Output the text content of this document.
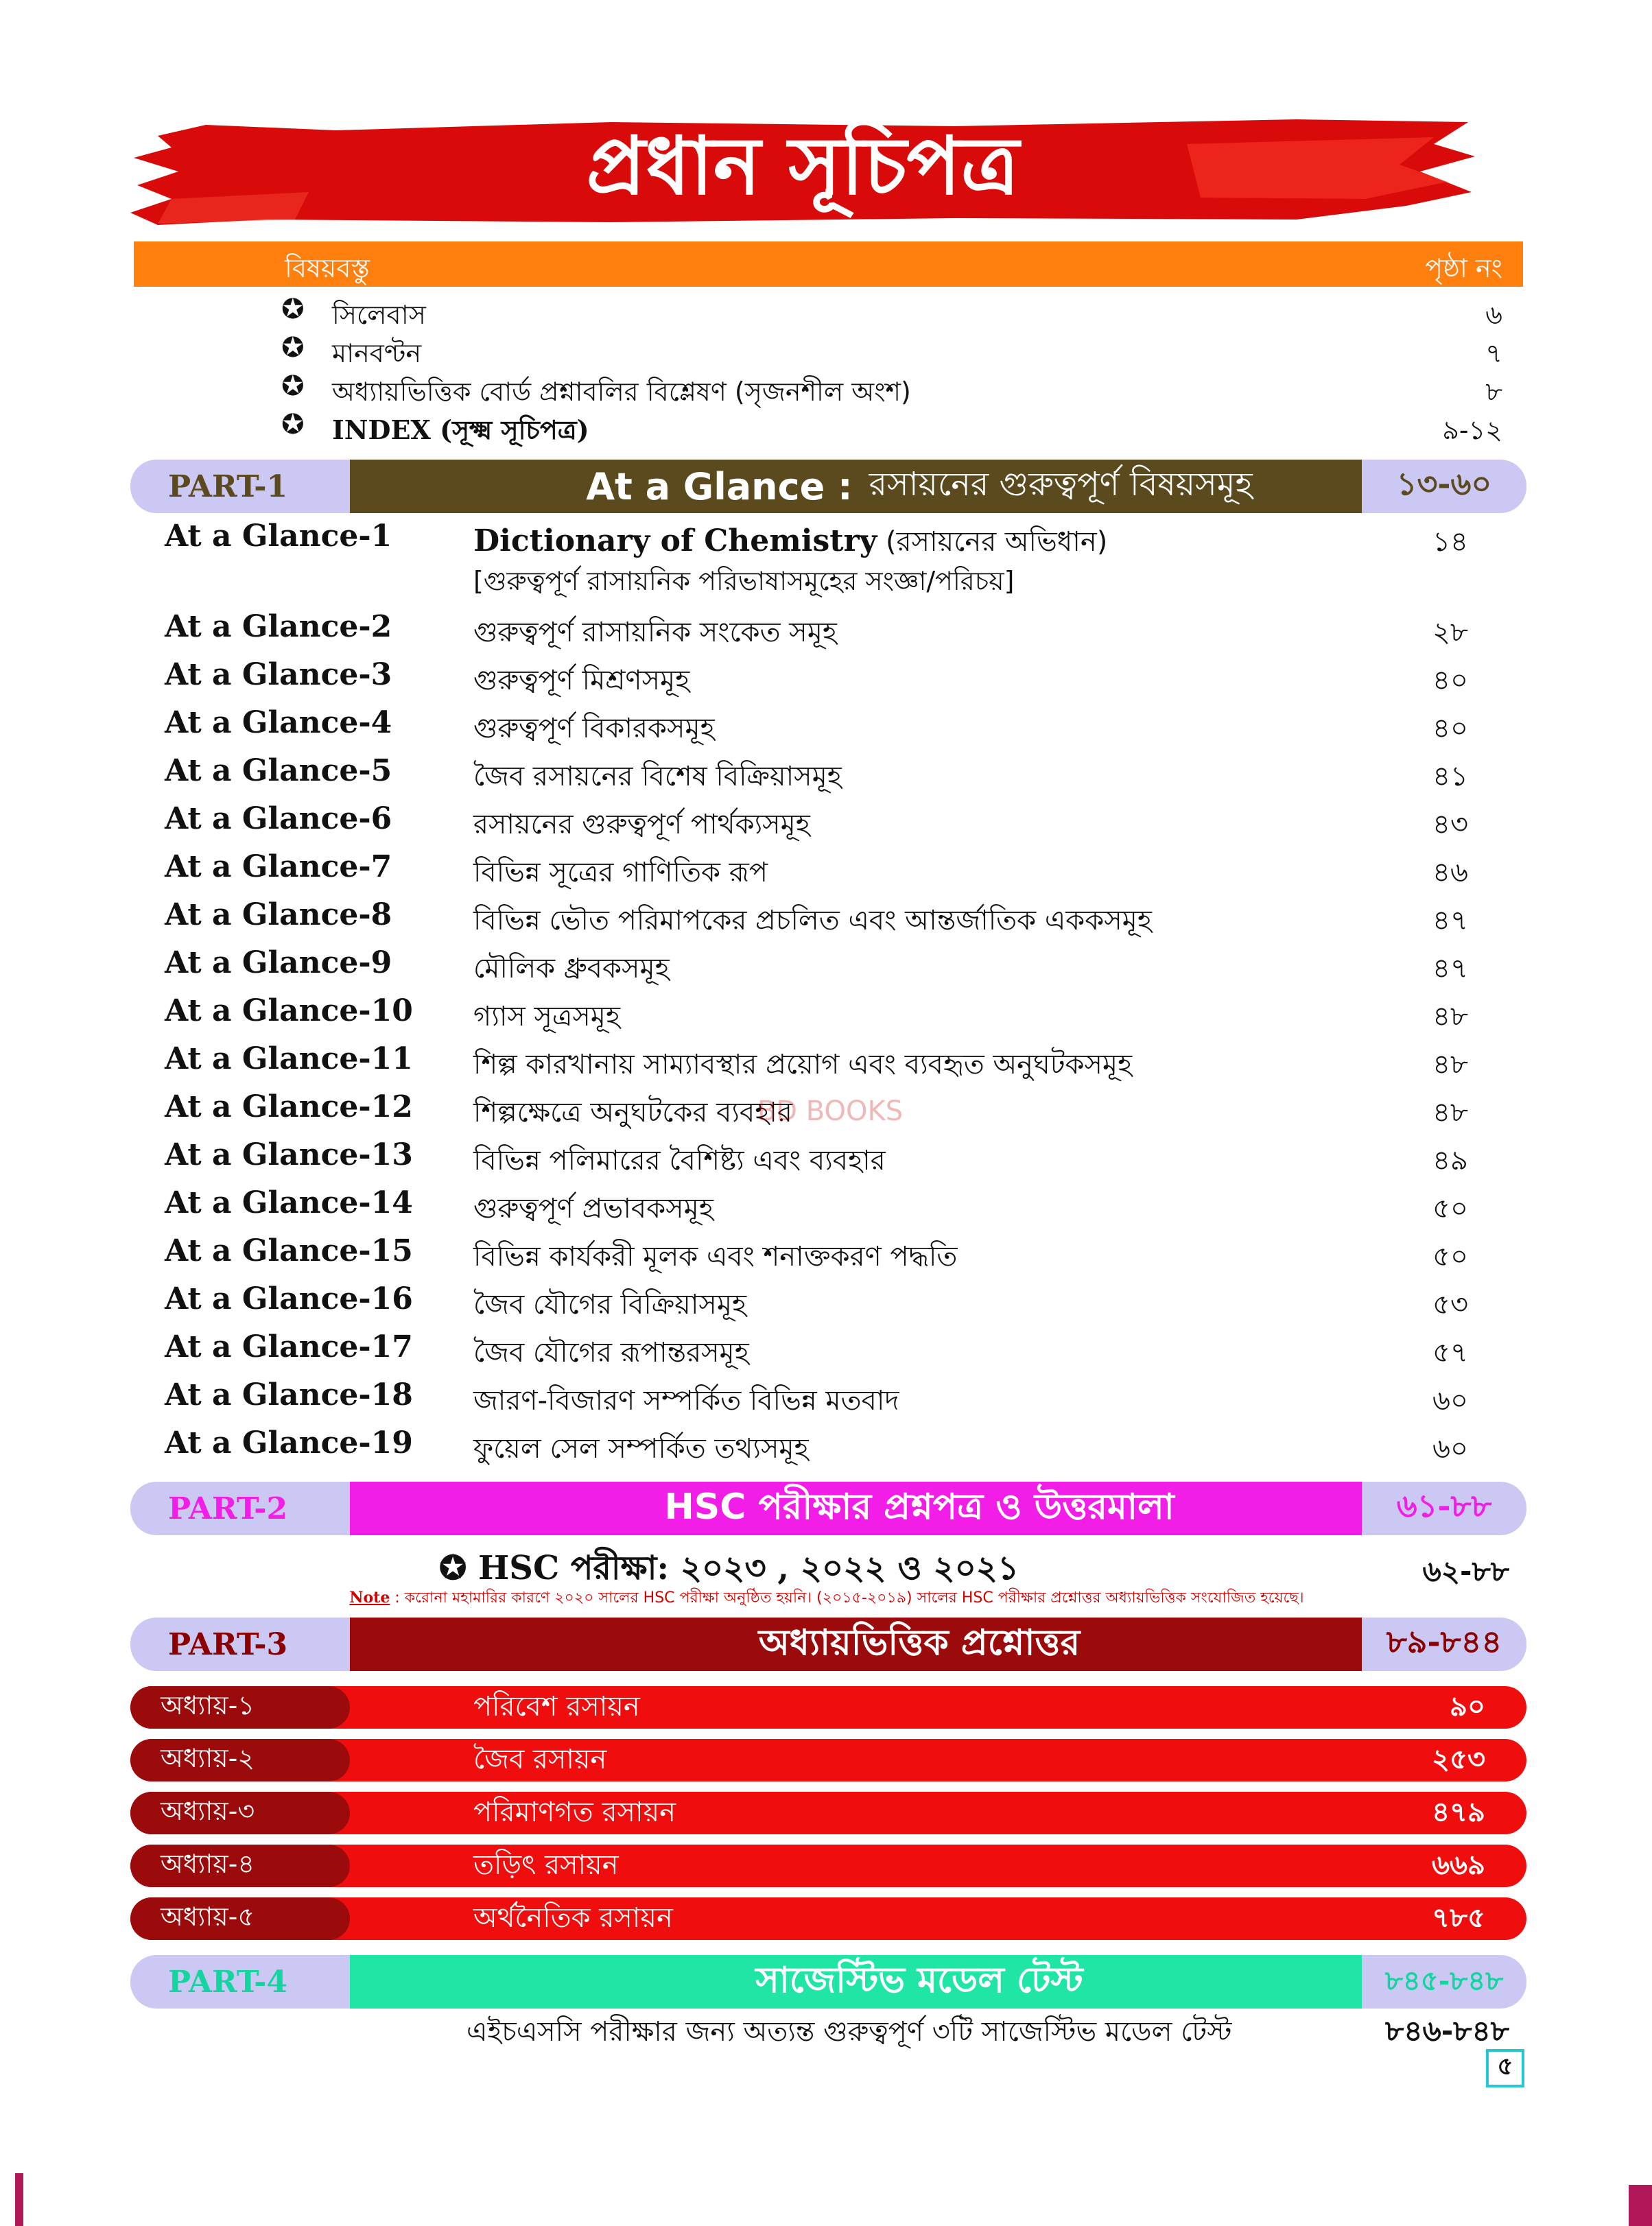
প্রধান সূচিপত্র
বিষয়বস্তু	পৃষ্ঠা নং
✪ সিলেবাস	৬
✪ মানবণ্টন	৭
✪ অধ্যায়ভিত্তিক বোর্ড প্রশ্নাবলির বিশ্লেষণ (সৃজনশীল অংশ)	৮
✪ INDEX (সূক্ষ্ম সূচিপত্র)	৯-১২
PART-1	At a Glance : রসায়নের গুরুত্বপূর্ণ বিষয়সমূহ	১৩-৬০
At a Glance-1	Dictionary of Chemistry (রসায়নের অভিধান)	১৪
[গুরুত্বপূর্ণ রাসায়নিক পরিভাষাসমূহের সংজ্ঞা/পরিচয়]
At a Glance-2	গুরুত্বপূর্ণ রাসায়নিক সংকেত সমূহ	২৮
At a Glance-3	গুরুত্বপূর্ণ মিশ্রণসমূহ	৪০
At a Glance-4	গুরুত্বপূর্ণ বিকারকসমূহ	৪০
At a Glance-5	জৈব রসায়নের বিশেষ বিক্রিয়াসমূহ	৪১
At a Glance-6	রসায়নের গুরুত্বপূর্ণ পার্থক্যসমূহ	৪৩
At a Glance-7	বিভিন্ন সূত্রের গাণিতিক রূপ	৪৬
At a Glance-8	বিভিন্ন ভৌত পরিমাপকের প্রচলিত এবং আন্তর্জাতিক এককসমূহ	৪৭
At a Glance-9	মৌলিক ধ্রুবকসমূহ	৪৭
At a Glance-10 গ্যাস সূত্রসমূহ	৪৮
At a Glance-11 শিল্প কারখানায় সাম্যাবস্থার প্রয়োগ এবং ব্যবহৃত অনুঘটকসমূহ	৪৮
At a Glance-12 শিল্পক্ষেত্রে অনুঘটকের ব্যবহার	৪৮
At a Glance-13 বিভিন্ন পলিমারের বৈশিষ্ট্য এবং ব্যবহার	৪৯
At a Glance-14 গুরুত্বপূর্ণ প্রভাবকসমূহ	৫০
At a Glance-15 বিভিন্ন কার্যকরী মূলক এবং শনাক্তকরণ পদ্ধতি	৫০
At a Glance-16 জৈব যৌগের বিক্রিয়াসমূহ	৫৩
At a Glance-17 জৈব যৌগের রূপান্তরসমূহ	৫৭
At a Glance-18 জারণ-বিজারণ সম্পর্কিত বিভিন্ন মতবাদ	৬০
At a Glance-19 ফুয়েল সেল সম্পর্কিত তথ্যসমূহ	৬০
BD BOOKS
PART-2	HSC পরীক্ষার প্রশ্নপত্র ও উত্তরমালা	৬১-৮৮
✪ HSC পরীক্ষা: ২০২৩ , ২০২২ ও ২০২১	৬২-৮৮
Note : করোনা মহামারির কারণে ২০২০ সালের HSC পরীক্ষা অনুষ্ঠিত হয়নি। (২০১৫-২০১৯) সালের HSC পরীক্ষার প্রশ্নোত্তর অধ্যায়ভিত্তিক সংযোজিত হয়েছে।
PART-3	অধ্যায়ভিত্তিক প্রশ্নোত্তর	৮৯-৮৪৪
অধ্যায়-১	পরিবেশ রসায়ন	৯০
অধ্যায়-২	জৈব রসায়ন	২৫৩
অধ্যায়-৩	পরিমাণগত রসায়ন	৪৭৯
অধ্যায়-৪	তড়িৎ রসায়ন	৬৬৯
অধ্যায়-৫	অর্থনৈতিক রসায়ন	৭৮৫
PART-4	সাজেস্টিভ মডেল টেস্ট	৮৪৫-৮৪৮
এইচএসসি পরীক্ষার জন্য অত্যন্ত গুরুত্বপূর্ণ ৩টি সাজেস্টিভ মডেল টেস্ট	৮৪৬-৮৪৮
৫
